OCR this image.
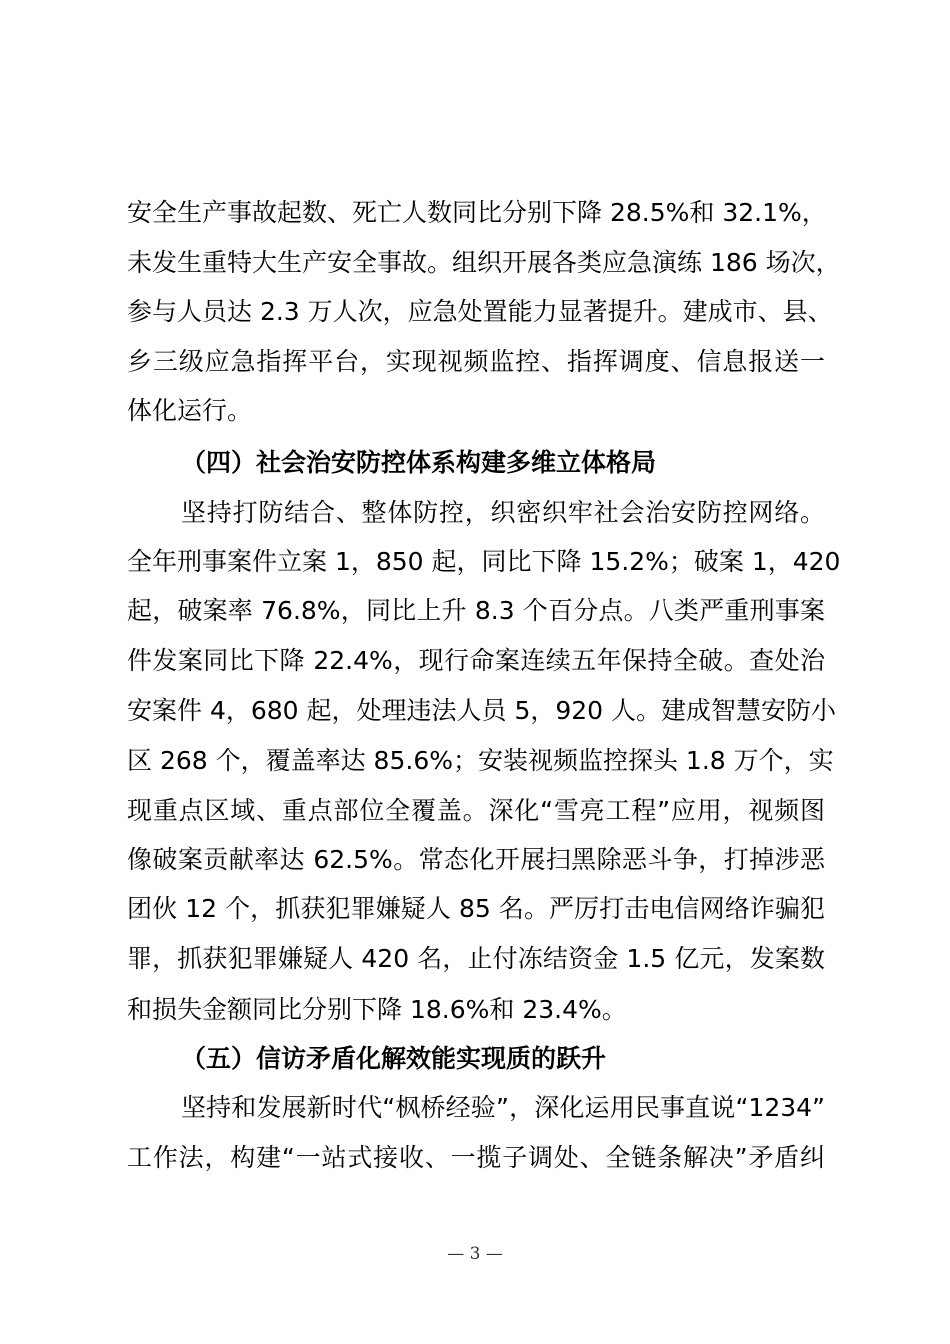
安全生产事故起数、死亡人数同比分别下降 28.5%和 32.1%，
未发生重特大生产安全事故。组织开展各类应急演练 186 场次，
参与人员达 2.3 万人次，应急处置能力显著提升。建成市、县、
乡三级应急指挥平台，实现视频监控、指挥调度、信息报送一
体化运行。
（四）社会治安防控体系构建多维立体格局
坚持打防结合、整体防控，织密织牢社会治安防控网络。
全年刑事案件立案 1，850 起，同比下降 15.2%；破案 1，420
起，破案率 76.8%，同比上升 8.3 个百分点。八类严重刑事案
件发案同比下降 22.4%，现行命案连续五年保持全破。查处治
安案件 4，680 起，处理违法人员 5，920 人。建成智慧安防小
区 268 个，覆盖率达 85.6%；安装视频监控探头 1.8 万个，实
现重点区域、重点部位全覆盖。深化“雪亮工程”应用，视频图
像破案贡献率达 62.5%。常态化开展扫黑除恶斗争，打掉涉恶
团伙 12 个，抓获犯罪嫌疑人 85 名。严厉打击电信网络诈骗犯
罪，抓获犯罪嫌疑人 420 名，止付冻结资金 1.5 亿元，发案数
和损失金额同比分别下降 18.6%和 23.4%。
（五）信访矛盾化解效能实现质的跃升
坚持和发展新时代“枫桥经验”，深化运用民事直说“1234”
工作法，构建“一站式接收、一揽子调处、全链条解决”矛盾纠
— 3 —
